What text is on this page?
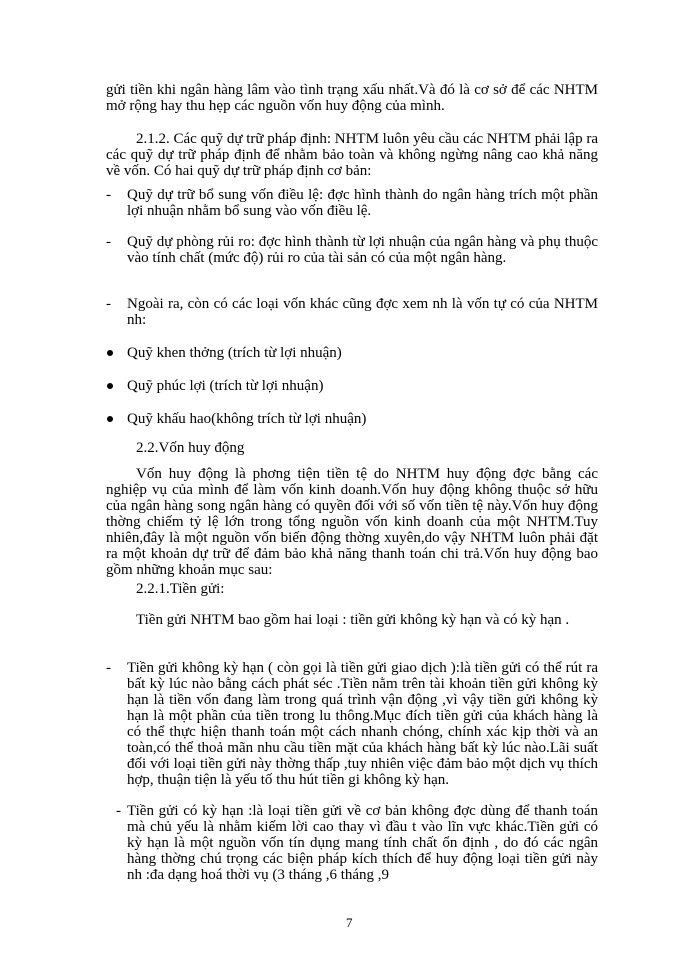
gửi tiền khi ngân hàng lâm vào tình trạng xấu nhất.Và đó là cơ sở để các NHTM mở rộng hay thu hẹp các nguồn vốn huy động của mình.

2.1.2. Các quỹ dự trữ pháp định: NHTM luôn yêu cầu các NHTM phải lập ra các quỹ dự trữ pháp định để nhằm bảo toàn và không ngừng nâng cao khả năng về vốn. Có hai quỹ dự trữ pháp định cơ bản:

- Quỹ dự trữ bổ sung vốn điều lệ: đợc hình thành do ngân hàng trích một phần lợi nhuận nhằm bổ sung vào vốn điều lệ.
- Quỹ dự phòng rủi ro: đợc hình thành từ lợi nhuận của ngân hàng và phụ thuộc vào tính chất (mức độ) rủi ro của tài sản có của một ngân hàng.
- Ngoài ra, còn có các loại vốn khác cũng đợc xem nh là vốn tự có của NHTM nh:
Quỹ khen thởng (trích từ lợi nhuận)
Quỹ phúc lợi (trích từ lợi nhuận)
Quỹ khấu hao(không trích từ lợi nhuận)
2.2.Vốn huy động

Vốn huy động là phơng tiện tiền tệ do NHTM huy động đợc bằng các nghiệp vụ của mình để làm vốn kinh doanh.Vốn huy động không thuộc sở hữu của ngân hàng song ngân hàng có quyền đối với số vốn tiền tệ này.Vốn huy động thờng chiếm tỷ lệ lớn trong tổng nguồn vốn kinh doanh của một NHTM.Tuy nhiên,đây là một nguồn vốn biến động thờng xuyên,do vậy NHTM luôn phải đặt ra một khoản dự trữ để đảm bảo khả năng thanh toán chi trả.Vốn huy động bao gồm những khoản mục sau:

2.2.1.Tiền gửi:

Tiền gửi NHTM bao gồm hai loại : tiền gửi không kỳ hạn và có kỳ hạn .

- Tiền gửi không kỳ hạn ( còn gọi là tiền gửi giao dịch ):là tiền gửi có thể rút ra bất kỳ lúc nào bằng cách phát séc .Tiền nằm trên tài khoản tiền gửi không kỳ hạn là tiền vốn đang làm trong quá trình vận động ,vì vậy tiền gửi không kỳ hạn là một phần của tiền trong lu thông.Mục đích tiền gửi của khách hàng là có thể thực hiện thanh toán một cách nhanh chóng, chính xác kịp thời và an toàn,có thể thoả mãn nhu cầu tiền mặt của khách hàng bất kỳ lúc nào.Lãi suất đối với loại tiền gửi này thờng thấp ,tuy nhiên việc đảm bảo một dịch vụ thích hợp, thuận tiện là yếu tố thu hút tiền gi không kỳ hạn.
- Tiền gửi có kỳ hạn :là loại tiền gửi về cơ bản không đợc dùng để thanh toán mà chủ yếu là nhằm kiếm lời cao thay vì đầu t vào lĩn vực khác.Tiền gửi có kỳ hạn là một nguồn vốn tín dụng mang tính chất ổn định , do đó các ngân hàng thờng chú trọng các biện pháp kích thích để huy động loại tiền gửi này nh :đa dạng hoá thời vụ (3 tháng ,6 tháng ,9
7
